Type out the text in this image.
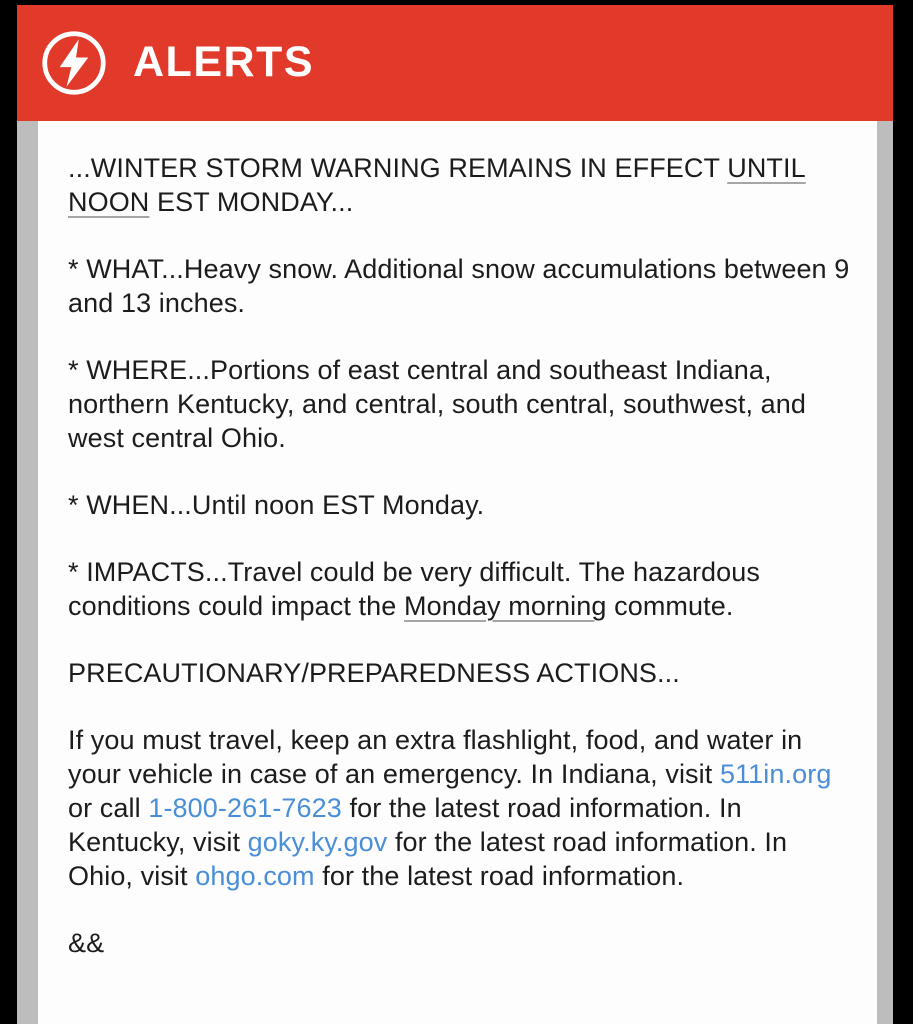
ALERTS

...WINTER STORM WARNING REMAINS IN EFFECT UNTIL NOON EST MONDAY...

* WHAT...Heavy snow. Additional snow accumulations between 9 and 13 inches.

* WHERE...Portions of east central and southeast Indiana, northern Kentucky, and central, south central, southwest, and west central Ohio.

* WHEN...Until noon EST Monday.

* IMPACTS...Travel could be very difficult. The hazardous conditions could impact the Monday morning commute.

PRECAUTIONARY/PREPAREDNESS ACTIONS...

If you must travel, keep an extra flashlight, food, and water in your vehicle in case of an emergency. In Indiana, visit 511in.org or call 1-800-261-7623 for the latest road information. In Kentucky, visit goky.ky.gov for the latest road information. In Ohio, visit ohgo.com for the latest road information.

&&
